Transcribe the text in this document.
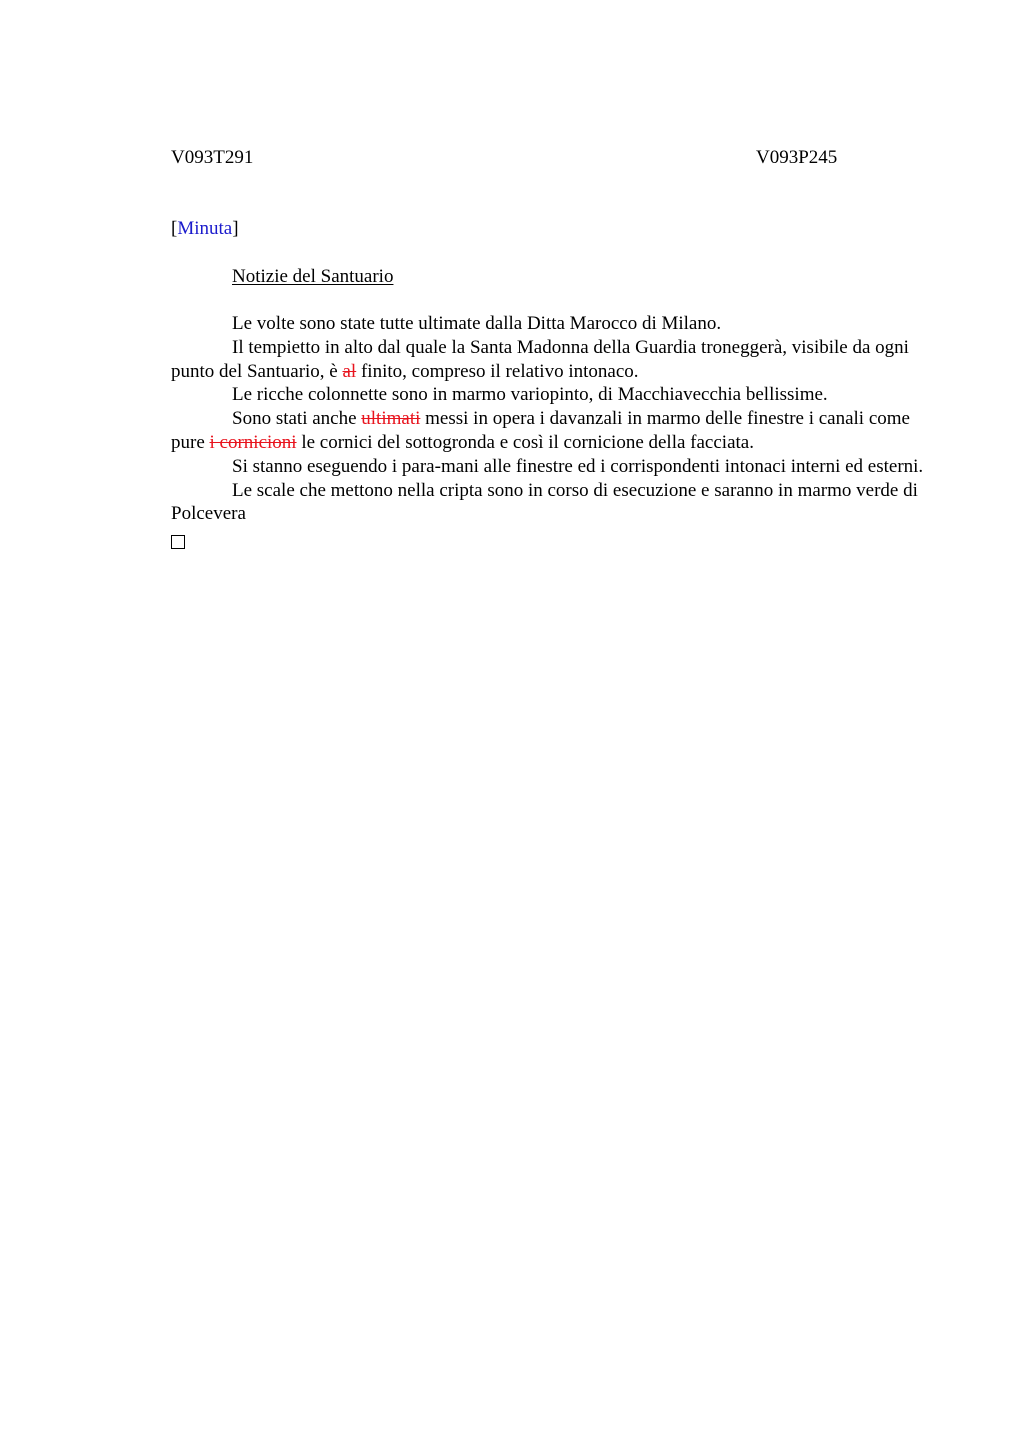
V093T291	V093P245
[Minuta]
Notizie del Santuario

Le volte sono state tutte ultimate dalla Ditta Marocco di Milano.

Il tempietto in alto dal quale la Santa Madonna della Guardia troneggerà, visibile da ogni punto del Santuario, è al finito, compreso il relativo intonaco.

Le ricche colonnette sono in marmo variopinto, di Macchiavecchia bellissime.

Sono stati anche ultimati messi in opera i davanzali in marmo delle finestre i canali come pure i cornicioni le cornici del sottogronda e così il cornicione della facciata.

Si stanno eseguendo i para-mani alle finestre ed i corrispondenti intonaci interni ed esterni.

Le scale che mettono nella cripta sono in corso di esecuzione e saranno in marmo verde di Polcevera
